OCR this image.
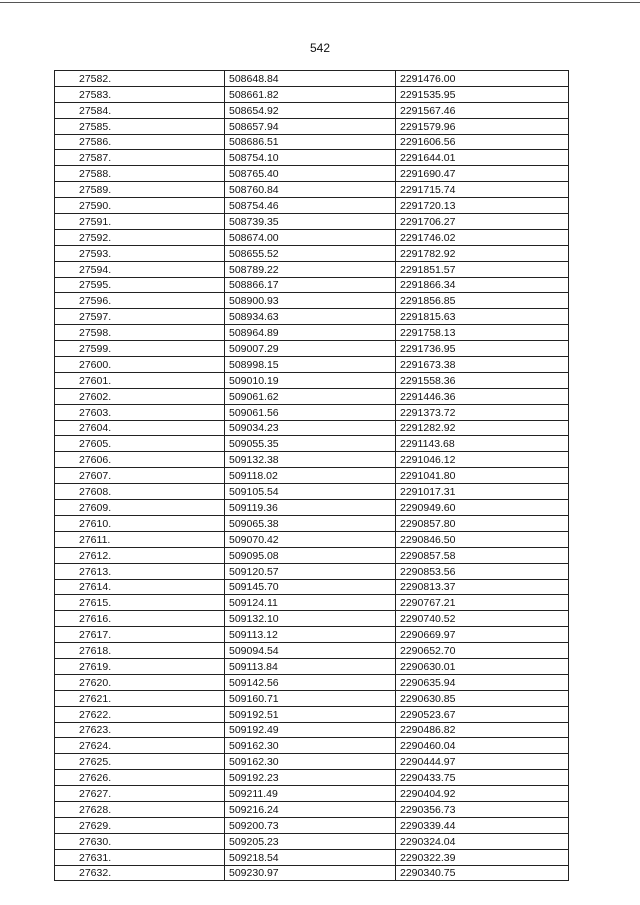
542
27582.	508648.84	2291476.00
27583.	508661.82	2291535.95
27584.	508654.92	2291567.46
27585.	508657.94	2291579.96
27586.	508686.51	2291606.56
27587.	508754.10	2291644.01
27588.	508765.40	2291690.47
27589.	508760.84	2291715.74
27590.	508754.46	2291720.13
27591.	508739.35	2291706.27
27592.	508674.00	2291746.02
27593.	508655.52	2291782.92
27594.	508789.22	2291851.57
27595.	508866.17	2291866.34
27596.	508900.93	2291856.85
27597.	508934.63	2291815.63
27598.	508964.89	2291758.13
27599.	509007.29	2291736.95
27600.	508998.15	2291673.38
27601.	509010.19	2291558.36
27602.	509061.62	2291446.36
27603.	509061.56	2291373.72
27604.	509034.23	2291282.92
27605.	509055.35	2291143.68
27606.	509132.38	2291046.12
27607.	509118.02	2291041.80
27608.	509105.54	2291017.31
27609.	509119.36	2290949.60
27610.	509065.38	2290857.80
27611.	509070.42	2290846.50
27612.	509095.08	2290857.58
27613.	509120.57	2290853.56
27614.	509145.70	2290813.37
27615.	509124.11	2290767.21
27616.	509132.10	2290740.52
27617.	509113.12	2290669.97
27618.	509094.54	2290652.70
27619.	509113.84	2290630.01
27620.	509142.56	2290635.94
27621.	509160.71	2290630.85
27622.	509192.51	2290523.67
27623.	509192.49	2290486.82
27624.	509162.30	2290460.04
27625.	509162.30	2290444.97
27626.	509192.23	2290433.75
27627.	509211.49	2290404.92
27628.	509216.24	2290356.73
27629.	509200.73	2290339.44
27630.	509205.23	2290324.04
27631.	509218.54	2290322.39
27632.	509230.97	2290340.75
